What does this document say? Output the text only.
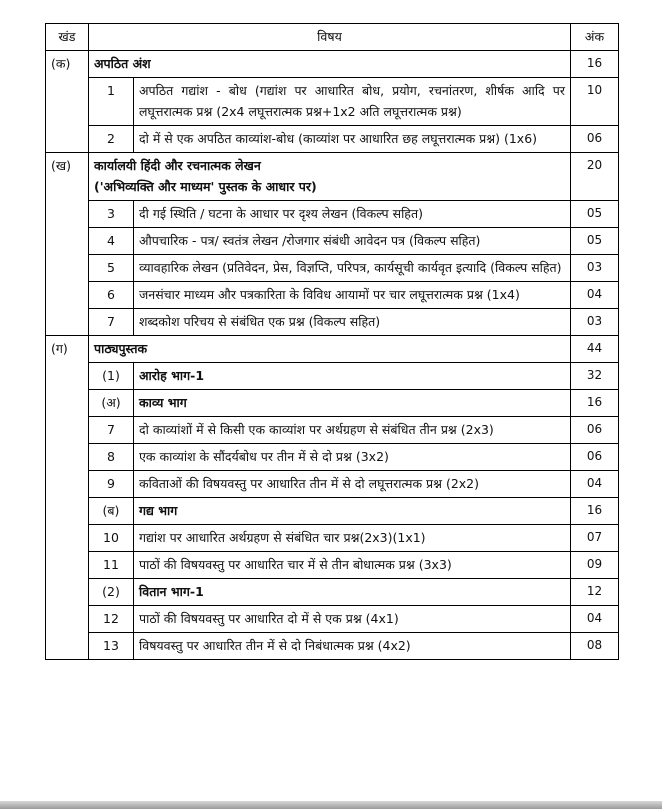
खंड	विषय		अंक
(क)	अपठित अंश		16
	1	अपठित गद्यांश - बोध (गद्यांश पर आधारित बोध, प्रयोग, रचनांतरण, शीर्षक आदि पर लघूत्तरात्मक प्रश्न (2x4 लघूत्तरात्मक प्रश्न+1x2 अति लघूत्तरात्मक प्रश्न)	10
	2	दो में से एक अपठित काव्यांश-बोध (काव्यांश पर आधारित छह लघूत्तरात्मक प्रश्न) (1x6)	06
(ख)	कार्यालयी हिंदी और रचनात्मक लेखन
('अभिव्यक्ति और माध्यम' पुस्तक के आधार पर)		20
	3	दी गई स्थिति / घटना के आधार पर दृश्य लेखन (विकल्प सहित)	05
	4	औपचारिक - पत्र/ स्वतंत्र लेखन /रोजगार संबंधी आवेदन पत्र (विकल्प सहित)	05
	5	व्यावहारिक लेखन (प्रतिवेदन, प्रेस, विज्ञप्ति, परिपत्र, कार्यसूची कार्यवृत इत्यादि (विकल्प सहित)	03
	6	जनसंचार माध्यम और पत्रकारिता के विविध आयामों पर चार लघूत्तरात्मक प्रश्न (1x4)	04
	7	शब्दकोश परिचय से संबंधित एक प्रश्न (विकल्प सहित)	03
(ग)	पाठ्यपुस्तक		44
	(1)	आरोह भाग-1	32
	(अ)	काव्य भाग	16
	7	दो काव्यांशों में से किसी एक काव्यांश पर अर्थग्रहण से संबंधित तीन प्रश्न (2x3)	06
	8	एक काव्यांश के सौंदर्यबोध पर तीन में से दो प्रश्न (3x2)	06
	9	कविताओं की विषयवस्तु पर आधारित तीन में से दो लघूत्तरात्मक प्रश्न (2x2)	04
	(ब)	गद्य भाग	16
	10	गद्यांश पर आधारित अर्थग्रहण से संबंधित चार प्रश्न(2x3)(1x1)	07
	11	पाठों की विषयवस्तु पर आधारित चार में से तीन बोधात्मक प्रश्न (3x3)	09
	(2)	वितान भाग-1	12
	12	पाठों की विषयवस्तु पर आधारित दो में से एक प्रश्न (4x1)	04
	13	विषयवस्तु पर आधारित तीन में से दो निबंधात्मक प्रश्न (4x2)	08
